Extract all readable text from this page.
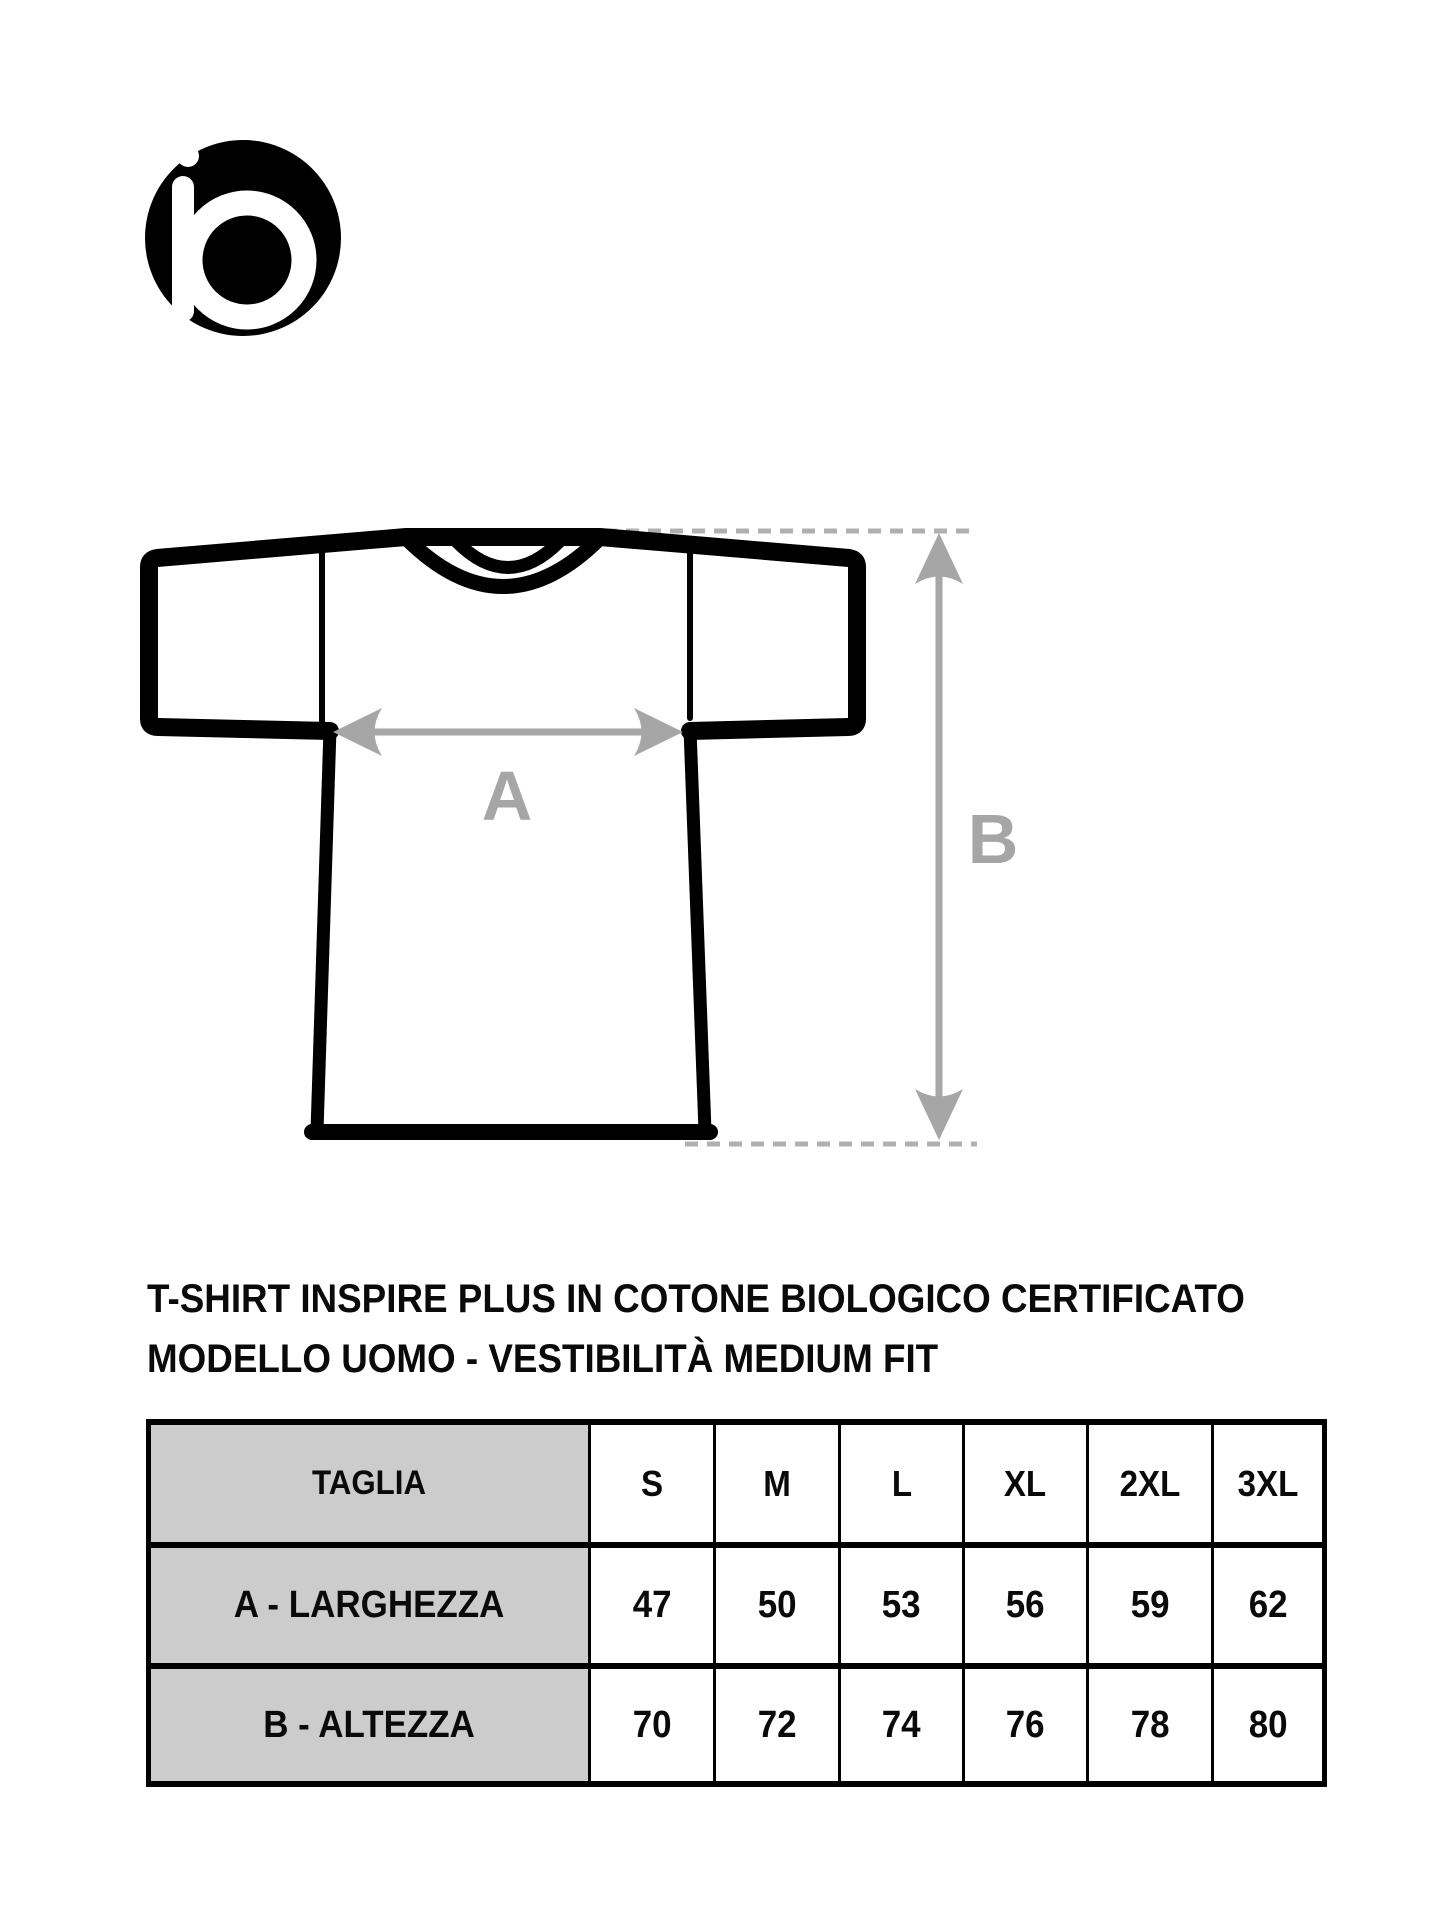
A
B
T-SHIRT INSPIRE PLUS IN COTONE BIOLOGICO CERTIFICATO
MODELLO UOMO - VESTIBILITÀ MEDIUM FIT
TAGLIA	S	M	L	XL	2XL	3XL
A - LARGHEZZA	47	50	53	56	59	62
B - ALTEZZA	70	72	74	76	78	80
